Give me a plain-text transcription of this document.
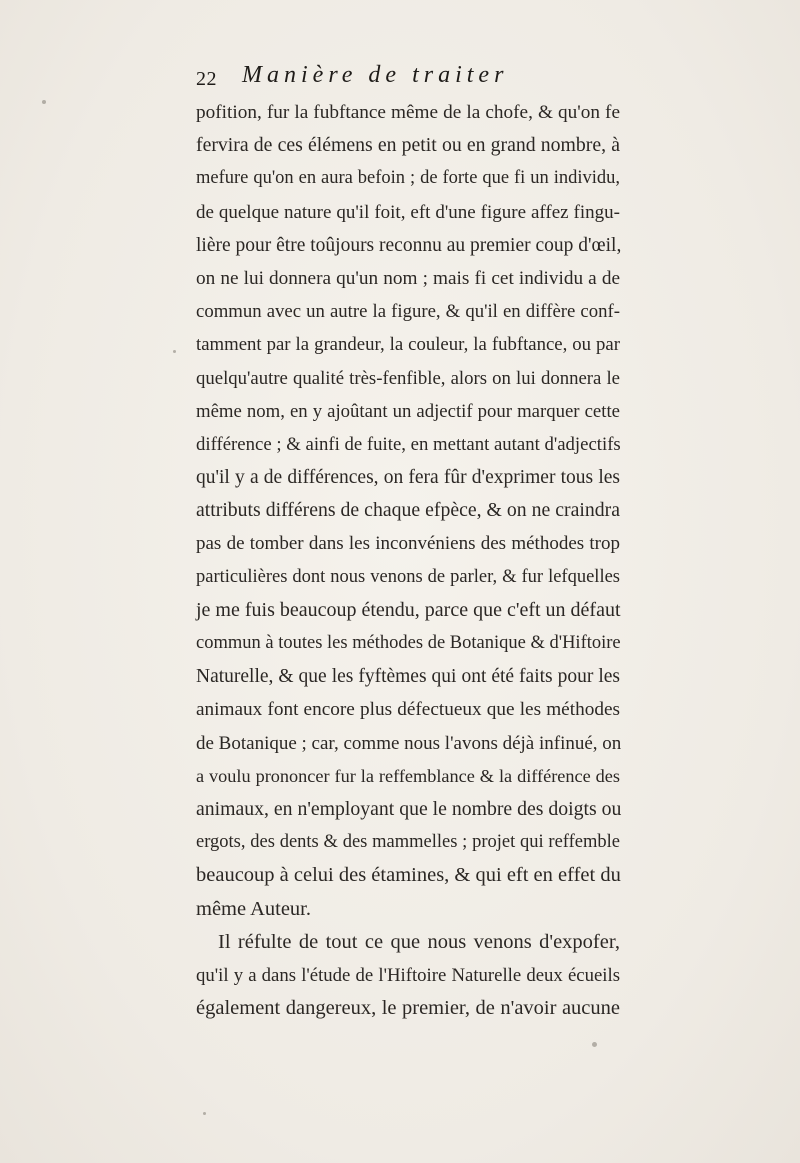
22 Manière de traiter
pofition, fur la fubftance même de la chofe, & qu'on fe
fervira de ces élémens en petit ou en grand nombre, à
mefure qu'on en aura befoin ; de forte que fi un individu,
de quelque nature qu'il foit, eft d'une figure affez fingu-
lière pour être toûjours reconnu au premier coup d'œil,
on ne lui donnera qu'un nom ; mais fi cet individu a de
commun avec un autre la figure, & qu'il en diffère conf-
tamment par la grandeur, la couleur, la fubftance, ou par
quelqu'autre qualité très-fenfible, alors on lui donnera le
même nom, en y ajoûtant un adjectif pour marquer cette
différence ; & ainfi de fuite, en mettant autant d'adjectifs
qu'il y a de différences, on fera fûr d'exprimer tous les
attributs différens de chaque efpèce, & on ne craindra
pas de tomber dans les inconvéniens des méthodes trop
particulières dont nous venons de parler, & fur lefquelles
je me fuis beaucoup étendu, parce que c'eft un défaut
commun à toutes les méthodes de Botanique & d'Hiftoire
Naturelle, & que les fyftèmes qui ont été faits pour les
animaux font encore plus défectueux que les méthodes
de Botanique ; car, comme nous l'avons déjà infinué, on
a voulu prononcer fur la reffemblance & la différence des
animaux, en n'employant que le nombre des doigts ou
ergots, des dents & des mammelles ; projet qui reffemble
beaucoup à celui des étamines, & qui eft en effet du
même Auteur.
Il réfulte de tout ce que nous venons d'expofer,
qu'il y a dans l'étude de l'Hiftoire Naturelle deux écueils
également dangereux, le premier, de n'avoir aucune
